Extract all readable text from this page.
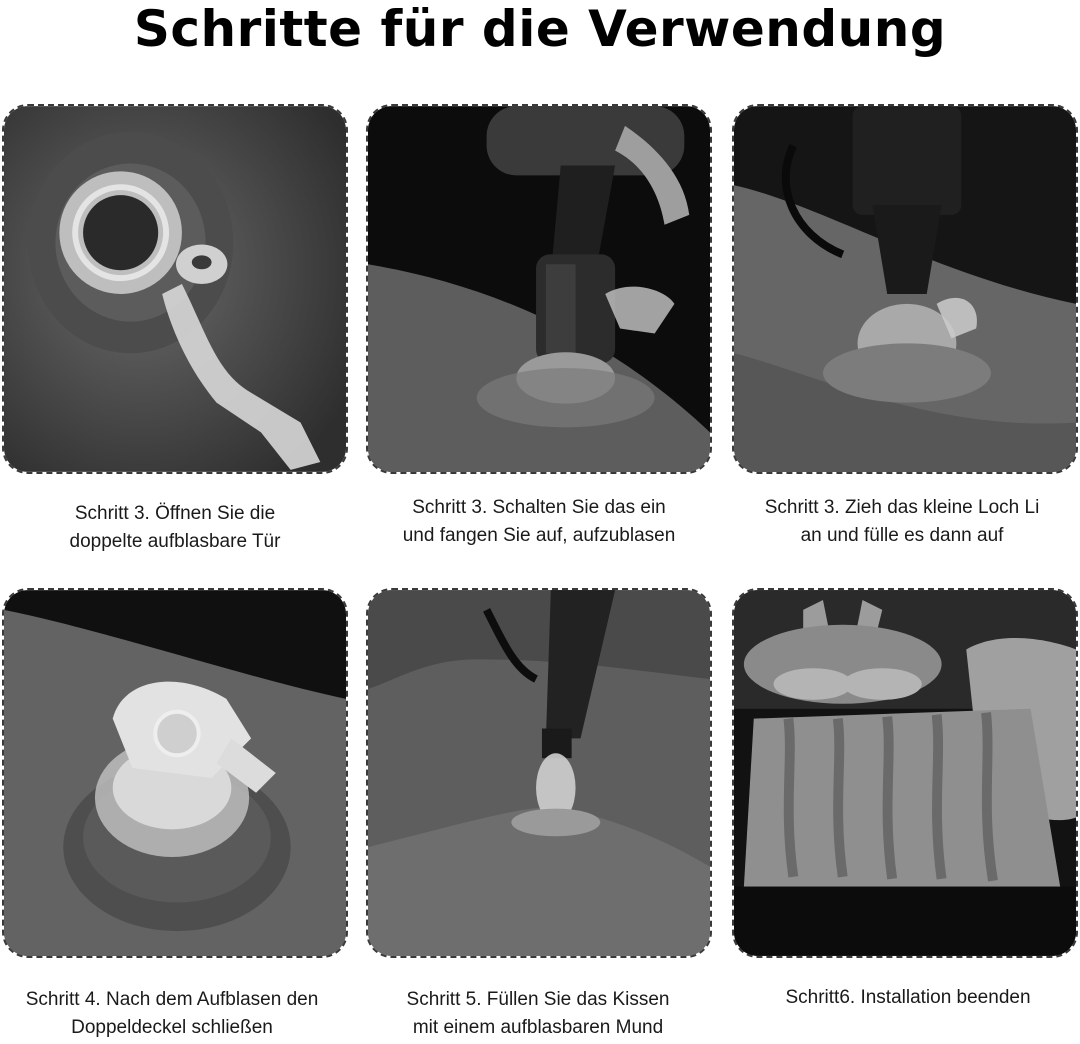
Schritte für die Verwendung
Schritt 3. Öffnen Sie die
doppelte aufblasbare Tür
Schritt 3. Schalten Sie das ein
und fangen Sie auf, aufzublasen
Schritt 3. Zieh das kleine Loch Li
an und fülle es dann auf
Schritt 4. Nach dem Aufblasen den
Doppeldeckel schließen
Schritt 5. Füllen Sie das Kissen
mit einem aufblasbaren Mund
Schritt6. Installation beenden
